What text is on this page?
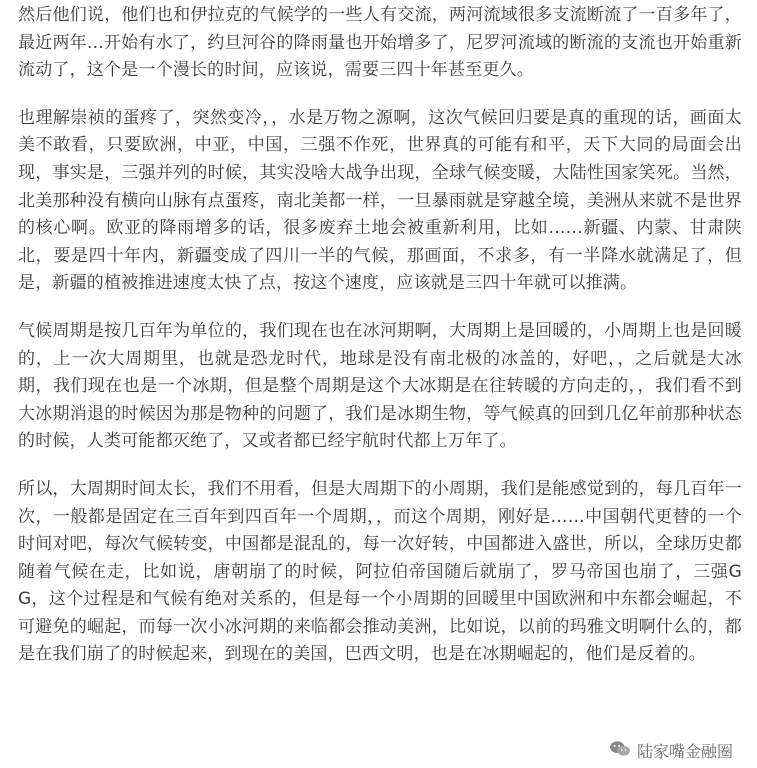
然后他们说，他们也和伊拉克的气候学的一些人有交流，两河流域很多支流断流了一百多年了，最近两年...开始有水了，约旦河谷的降雨量也开始增多了，尼罗河流域的断流的支流也开始重新流动了，这个是一个漫长的时间，应该说，需要三四十年甚至更久。

也理解崇祯的蛋疼了，突然变冷，，水是万物之源啊，这次气候回归要是真的重现的话，画面太美不敢看，只要欧洲，中亚，中国，三强不作死，世界真的可能有和平，天下大同的局面会出现，事实是，三强并列的时候，其实没啥大战争出现，全球气候变暖，大陆性国家笑死。当然，北美那种没有横向山脉有点蛋疼，南北美都一样，一旦暴雨就是穿越全境，美洲从来就不是世界的核心啊。欧亚的降雨增多的话，很多废弃土地会被重新利用，比如……新疆、内蒙、甘肃陕北，要是四十年内，新疆变成了四川一半的气候，那画面，不求多，有一半降水就满足了，但是，新疆的植被推进速度太快了点，按这个速度，应该就是三四十年就可以推满。

气候周期是按几百年为单位的，我们现在也在冰河期啊，大周期上是回暖的，小周期上也是回暖的，上一次大周期里，也就是恐龙时代，地球是没有南北极的冰盖的，好吧，，之后就是大冰期，我们现在也是一个冰期，但是整个周期是这个大冰期是在往转暖的方向走的，，我们看不到大冰期消退的时候因为那是物种的问题了，我们是冰期生物，等气候真的回到几亿年前那种状态的时候，人类可能都灭绝了，又或者都已经宇航时代都上万年了。

所以，大周期时间太长，我们不用看，但是大周期下的小周期，我们是能感觉到的，每几百年一次，一般都是固定在三百年到四百年一个周期，，而这个周期，刚好是……中国朝代更替的一个时间对吧，每次气候转变，中国都是混乱的，每一次好转，中国都进入盛世，所以，全球历史都随着气候在走，比如说，唐朝崩了的时候，阿拉伯帝国随后就崩了，罗马帝国也崩了，三强GG，这个过程是和气候有绝对关系的，但是每一个小周期的回暖里中国欧洲和中东都会崛起，不可避免的崛起，而每一次小冰河期的来临都会推动美洲，比如说，以前的玛雅文明啊什么的，都是在我们崩了的时候起来，到现在的美国，巴西文明，也是在冰期崛起的，他们是反着的。

陆家嘴金融圈
